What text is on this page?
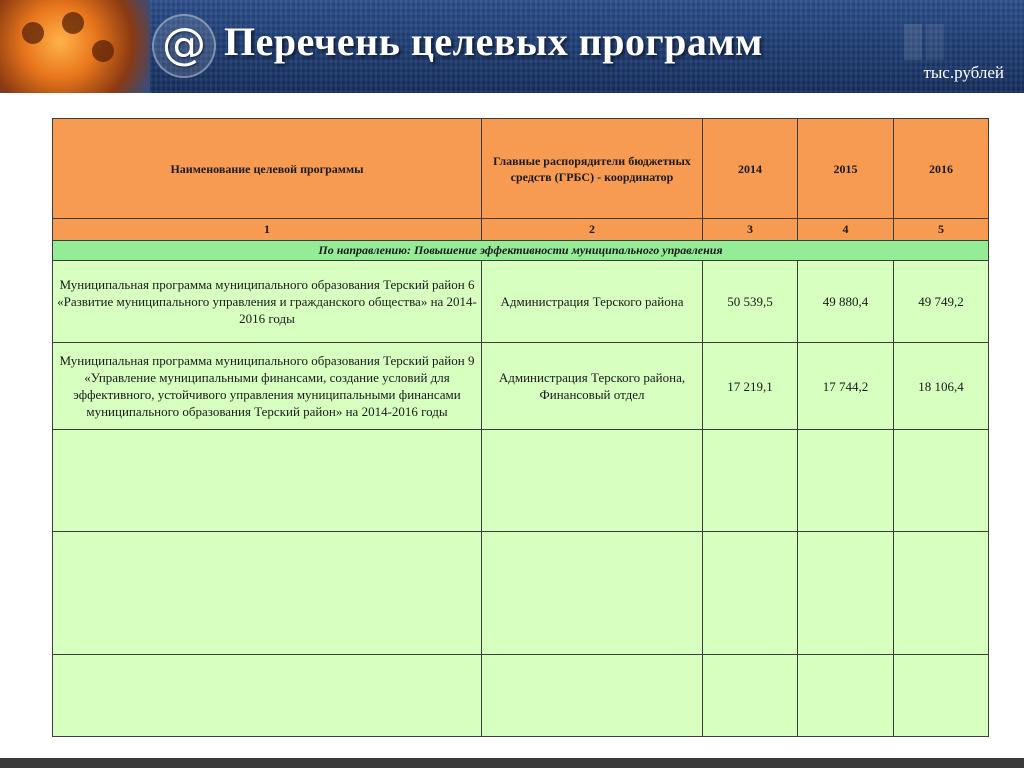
@ Перечень целевых программ
тыс.рублей
Наименование целевой программы	Главные распорядители бюджетных средств (ГРБС) - координатор	2014	2015	2016
1	2	3	4	5
По направлению: Повышение эффективности муниципального управления				
Муниципальная программа муниципального образования Терский район 6 «Развитие муниципального управления и гражданского общества» на 2014-2016 годы	Администрация Терского района	50 539,5	49 880,4	49 749,2
Муниципальная программа муниципального образования Терский район 9 «Управление муниципальными финансами, создание условий для эффективного, устойчивого управления муниципальными финансами муниципального образования Терский район» на 2014-2016 годы	Администрация Терского района, Финансовый отдел	17 219,1	17 744,2	18 106,4
